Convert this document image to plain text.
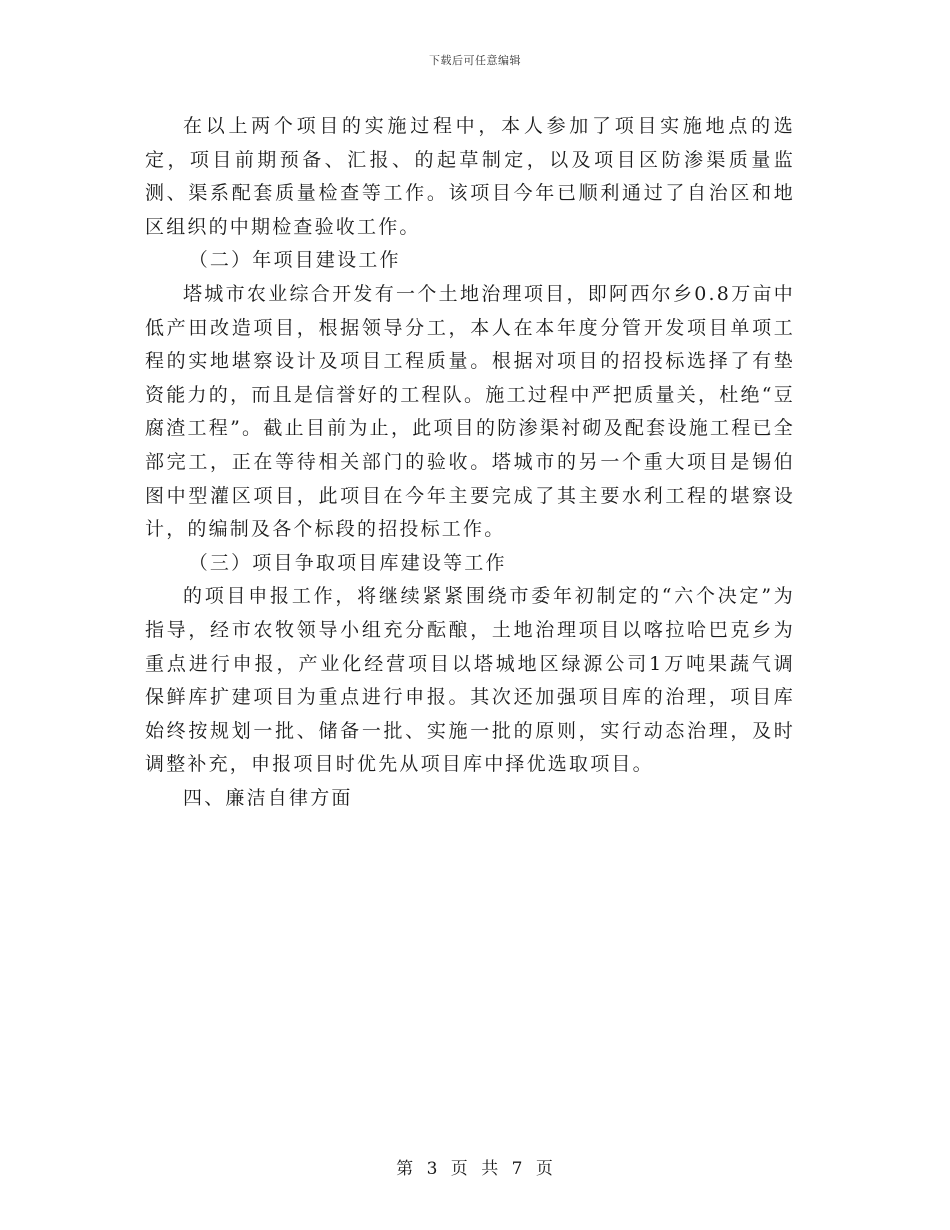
下载后可任意编辑

在以上两个项目的实施过程中，本人参加了项目实施地点的选定，项目前期预备、汇报、的起草制定，以及项目区防渗渠质量监测、渠系配套质量检查等工作。该项目今年已顺利通过了自治区和地区组织的中期检查验收工作。

（二）年项目建设工作

塔城市农业综合开发有一个土地治理项目，即阿西尔乡0.8万亩中低产田改造项目，根据领导分工，本人在本年度分管开发项目单项工程的实地堪察设计及项目工程质量。根据对项目的招投标选择了有垫资能力的，而且是信誉好的工程队。施工过程中严把质量关，杜绝“豆腐渣工程”。截止目前为止，此项目的防渗渠衬砌及配套设施工程已全部完工，正在等待相关部门的验收。塔城市的另一个重大项目是锡伯图中型灌区项目，此项目在今年主要完成了其主要水利工程的堪察设计，的编制及各个标段的招投标工作。

（三）项目争取项目库建设等工作

的项目申报工作，将继续紧紧围绕市委年初制定的“六个决定”为指导，经市农牧领导小组充分酝酿，土地治理项目以喀拉哈巴克乡为重点进行申报，产业化经营项目以塔城地区绿源公司1万吨果蔬气调保鲜库扩建项目为重点进行申报。其次还加强项目库的治理，项目库始终按规划一批、储备一批、实施一批的原则，实行动态治理，及时调整补充，申报项目时优先从项目库中择优选取项目。

四、廉洁自律方面

第 3 页 共 7 页
